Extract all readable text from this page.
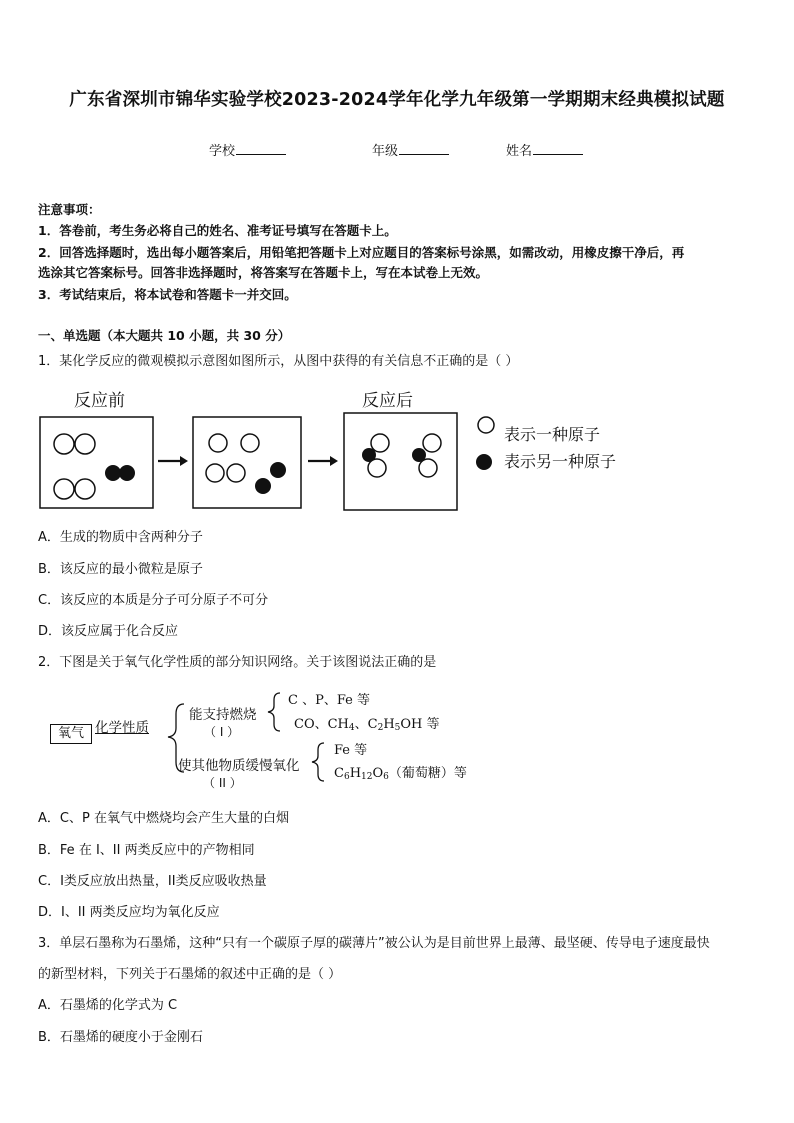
广东省深圳市锦华实验学校2023-2024学年化学九年级第一学期期末经典模拟试题
学校	年级	姓名
注意事项：
1．答卷前，考生务必将自己的姓名、准考证号填写在答题卡上。
2．回答选择题时，选出每小题答案后，用铅笔把答题卡上对应题目的答案标号涂黑，如需改动，用橡皮擦干净后，再
选涂其它答案标号。回答非选择题时，将答案写在答题卡上，写在本试卷上无效。
3．考试结束后，将本试卷和答题卡一并交回。
一、单选题（本大题共 10 小题，共 30 分）
1．某化学反应的微观模拟示意图如图所示，从图中获得的有关信息不正确的是（ ）
反应前	反应后
表示一种原子
表示另一种原子
A．生成的物质中含两种分子
B．该反应的最小微粒是原子
C．该反应的本质是分子可分原子不可分
D．该反应属于化合反应
2．下图是关于氧气化学性质的部分知识网络。关于该图说法正确的是
氧气 化学性质
能支持燃烧
（ I ）
C 、P、Fe 等
CO、$CH_4$、$C_2H_5OH$ 等
使其他物质缓慢氧化
（ II ）
Fe 等
$C_6H_{12}O_6$（葡萄糖）等
A．C、P 在氧气中燃烧均会产生大量的白烟
B．Fe 在 I、II 两类反应中的产物相同
C．I类反应放出热量，II类反应吸收热量
D．I、II 两类反应均为氧化反应
3．单层石墨称为石墨烯，这种“只有一个碳原子厚的碳薄片”被公认为是目前世界上最薄、最坚硬、传导电子速度最快
的新型材料，下列关于石墨烯的叙述中正确的是（ ）
A．石墨烯的化学式为 C
B．石墨烯的硬度小于金刚石
